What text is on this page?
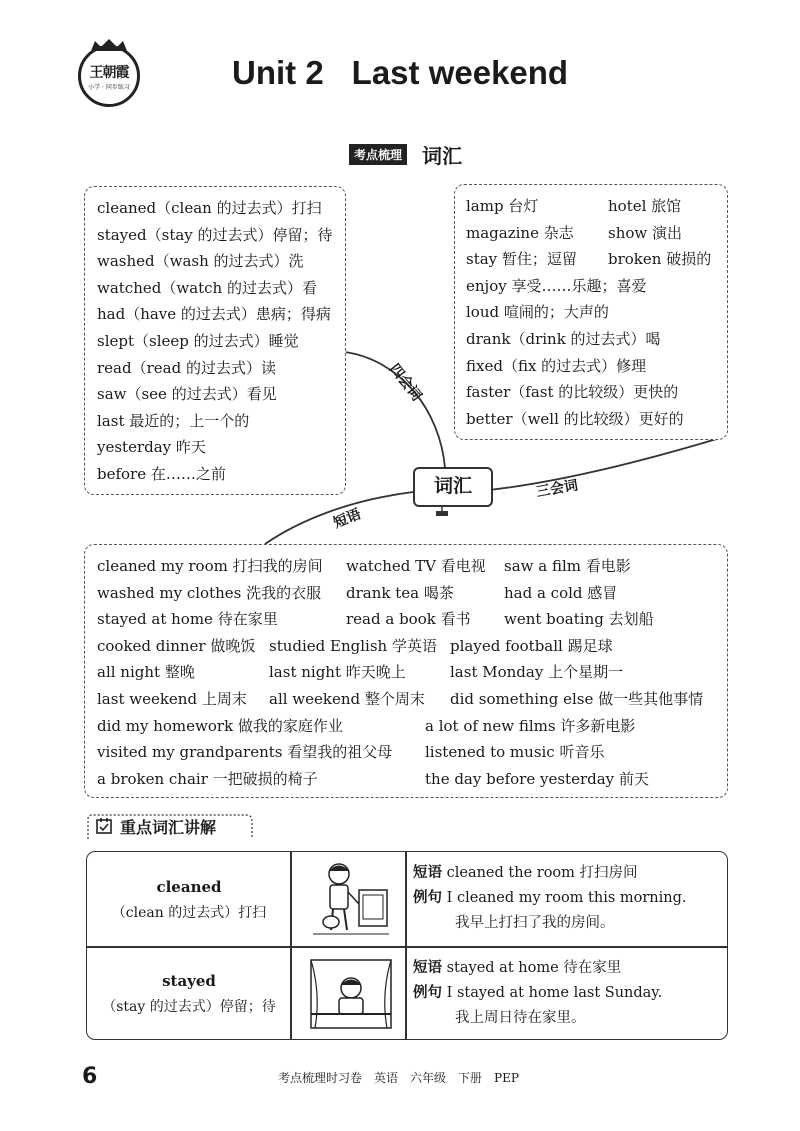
王朝霞
小学 · 同步练习	Unit 2 Last weekend
考点梳理 词汇
cleaned（clean 的过去式）打扫
stayed（stay 的过去式）停留；待
washed（wash 的过去式）洗
watched（watch 的过去式）看
had（have 的过去式）患病；得病
slept（sleep 的过去式）睡觉
read（read 的过去式）读
saw（see 的过去式）看见
last 最近的；上一个的
yesterday 昨天
before 在……之前
lamp 台灯	hotel 旅馆
magazine 杂志 show 演出
stay 暂住；逗留 broken 破损的
enjoy 享受……乐趣；喜爱
loud 喧闹的；大声的
drank（drink 的过去式）喝
fixed（fix 的过去式）修理
faster（fast 的比较级）更快的
better（well 的比较级）更好的
四会词
三会词
短语
词汇
cleaned my room 打扫我的房间 watched TV 看电视 saw a film 看电影
washed my clothes 洗我的衣服 drank tea 喝茶	had a cold 感冒
stayed at home 待在家里	read a book 看书 went boating 去划船
cooked dinner 做晚饭 studied English 学英语 played football 踢足球
all night 整晚	last night 昨天晚上	last Monday 上个星期一
last weekend 上周末 all weekend 整个周末 did something else 做一些其他事情
did my homework 做我的家庭作业	a lot of new films 许多新电影
visited my grandparents 看望我的祖父母 listened to music 听音乐
a broken chair 一把破损的椅子	the day before yesterday 前天
重点词汇讲解
cleaned
（clean 的过去式）打扫
短语 cleaned the room 打扫房间
例句 I cleaned my room this morning.
我早上打扫了我的房间。
stayed
（stay 的过去式）停留；待
短语 stayed at home 待在家里
例句 I stayed at home last Sunday.
我上周日待在家里。
6	考点梳理时习卷　英语　六年级　下册　PEP
